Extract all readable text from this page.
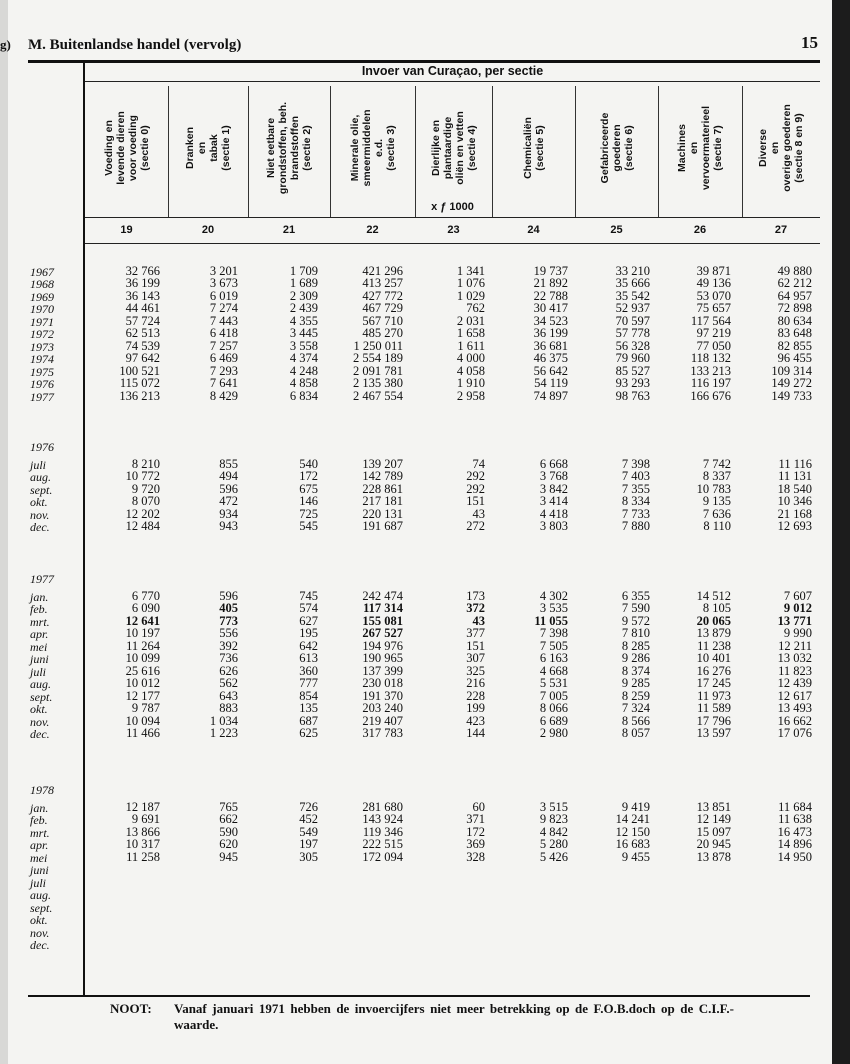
g) M. Buitenlandse handel (vervolg)	15
Invoer van Curaçao, per sectie
Voeding en levende dieren voor voeding (sectie 0)
19
Dranken en tabak (sectie 1)
20
Niet eetbare grondstoffen, beh. brandstoffen (sectie 2)
21
Minerale olie, smeermiddelen e.d. (sectie 3)
22
Dierlijke en plantaardige oliën en vetten (sectie 4)
23
Chemicaliën (sectie 5)
24
Gefabriceerde goederen (sectie 6)
25
Machines en vervoermaterieel (sectie 7)
26
Diverse en overige goederen (sectie 8 en 9)
27
x ƒ 1000
1967	32 766	3 201	1 709	421 296	1 341	19 737	33 210	39 871	49 880
1968	36 199	3 673	1 689	413 257	1 076	21 892	35 666	49 136	62 212
1969	36 143	6 019	2 309	427 772	1 029	22 788	35 542	53 070	64 957
1970	44 461	7 274	2 439	467 729	762	30 417	52 937	75 657	72 898
1971	57 724	7 443	4 355	567 710	2 031	34 523	70 597	117 564	80 634
1972	62 513	6 418	3 445	485 270	1 658	36 199	57 778	97 219	83 648
1973	74 539	7 257	3 558	1 250 011	1 611	36 681	56 328	77 050	82 855
1974	97 642	6 469	4 374	2 554 189	4 000	46 375	79 960	118 132	96 455
1975	100 521	7 293	4 248	2 091 781	4 058	56 642	85 527	133 213	109 314
1976	115 072	7 641	4 858	2 135 380	1 910	54 119	93 293	116 197	149 272
1977	136 213	8 429	6 834	2 467 554	2 958	74 897	98 763	166 676	149 733
1976
juli	8 210	855	540	139 207	74	6 668	7 398	7 742	11 116
aug.	10 772	494	172	142 789	292	3 768	7 403	8 337	11 131
sept.	9 720	596	675	228 861	292	3 842	7 355	10 783	18 540
okt.	8 070	472	146	217 181	151	3 414	8 334	9 135	10 346
nov.	12 202	934	725	220 131	43	4 418	7 733	7 636	21 168
dec.	12 484	943	545	191 687	272	3 803	7 880	8 110	12 693
1977
jan.	6 770	596	745	242 474	173	4 302	6 355	14 512	7 607
feb.	6 090	405	574	117 314	372	3 535	7 590	8 105	9 012
mrt.	12 641	773	627	155 081	43	11 055	9 572	20 065	13 771
apr.	10 197	556	195	267 527	377	7 398	7 810	13 879	9 990
mei	11 264	392	642	194 976	151	7 505	8 285	11 238	12 211
juni	10 099	736	613	190 965	307	6 163	9 286	10 401	13 032
juli	25 616	626	360	137 399	325	4 668	8 374	16 276	11 823
aug.	10 012	562	777	230 018	216	5 531	9 285	17 245	12 439
sept.	12 177	643	854	191 370	228	7 005	8 259	11 973	12 617
okt.	9 787	883	135	203 240	199	8 066	7 324	11 589	13 493
nov.	10 094	1 034	687	219 407	423	6 689	8 566	17 796	16 662
dec.	11 466	1 223	625	317 783	144	2 980	8 057	13 597	17 076
1978
jan.	12 187	765	726	281 680	60	3 515	9 419	13 851	11 684
feb.	9 691	662	452	143 924	371	9 823	14 241	12 149	11 638
mrt.	13 866	590	549	119 346	172	4 842	12 150	15 097	16 473
apr.	10 317	620	197	222 515	369	5 280	16 683	20 945	14 896
mei	11 258	945	305	172 094	328	5 426	9 455	13 878	14 950
juni
juli
aug.
sept.
okt.
nov.
dec.
NOOT: Vanaf januari 1971 hebben de invoercijfers niet meer betrekking op de F.O.B.doch op de C.I.F.-waarde.
